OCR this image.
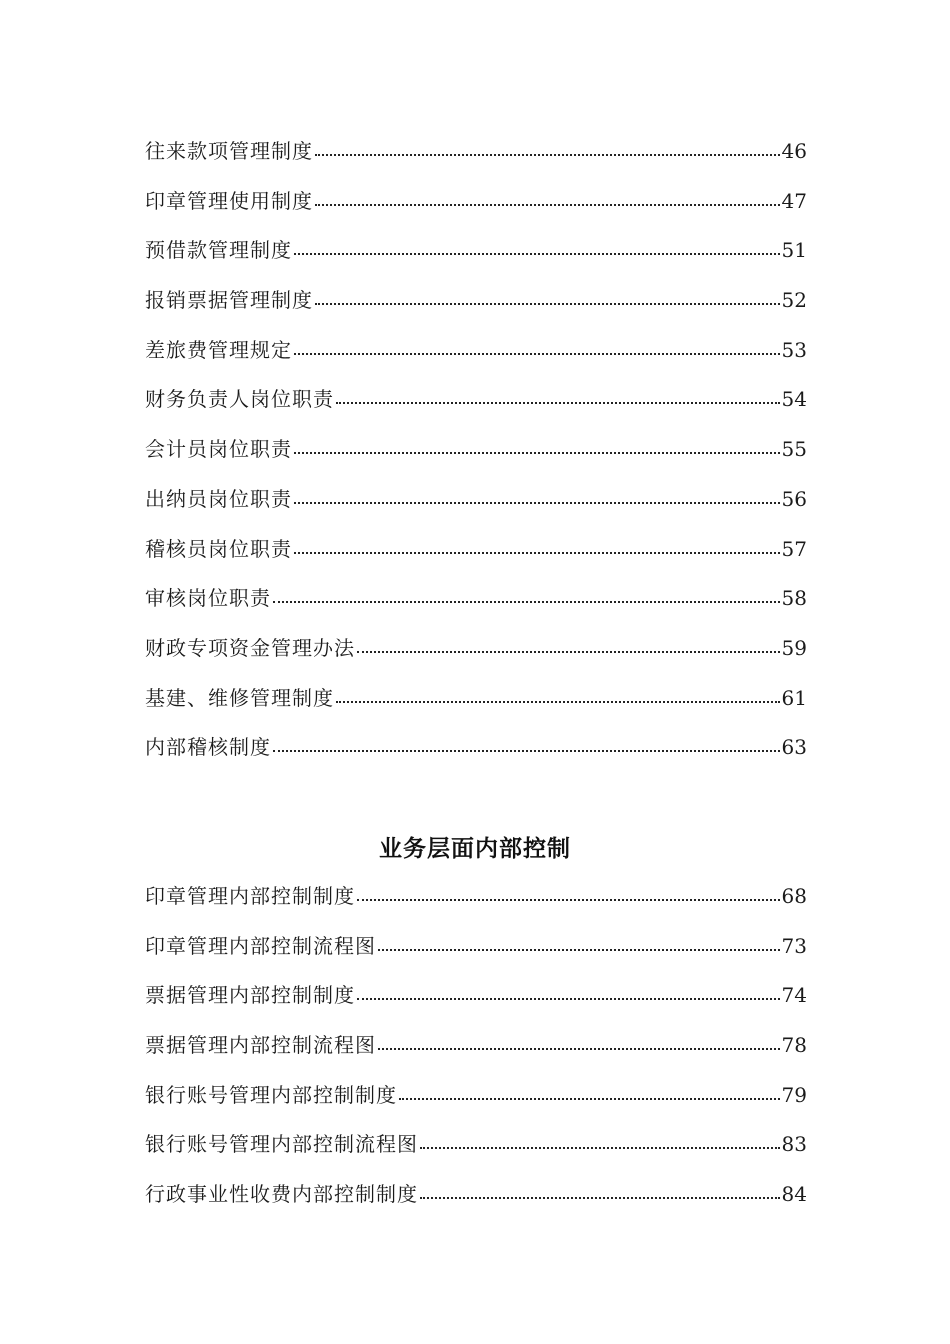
往来款项管理制度	46
印章管理使用制度	47
预借款管理制度	51
报销票据管理制度	52
差旅费管理规定	53
财务负责人岗位职责	54
会计员岗位职责	55
出纳员岗位职责	56
稽核员岗位职责	57
审核岗位职责	58
财政专项资金管理办法	59
基建、维修管理制度	61
内部稽核制度	63
业务层面内部控制
印章管理内部控制制度	68
印章管理内部控制流程图	73
票据管理内部控制制度	74
票据管理内部控制流程图	78
银行账号管理内部控制制度	79
银行账号管理内部控制流程图	83
行政事业性收费内部控制制度	84
